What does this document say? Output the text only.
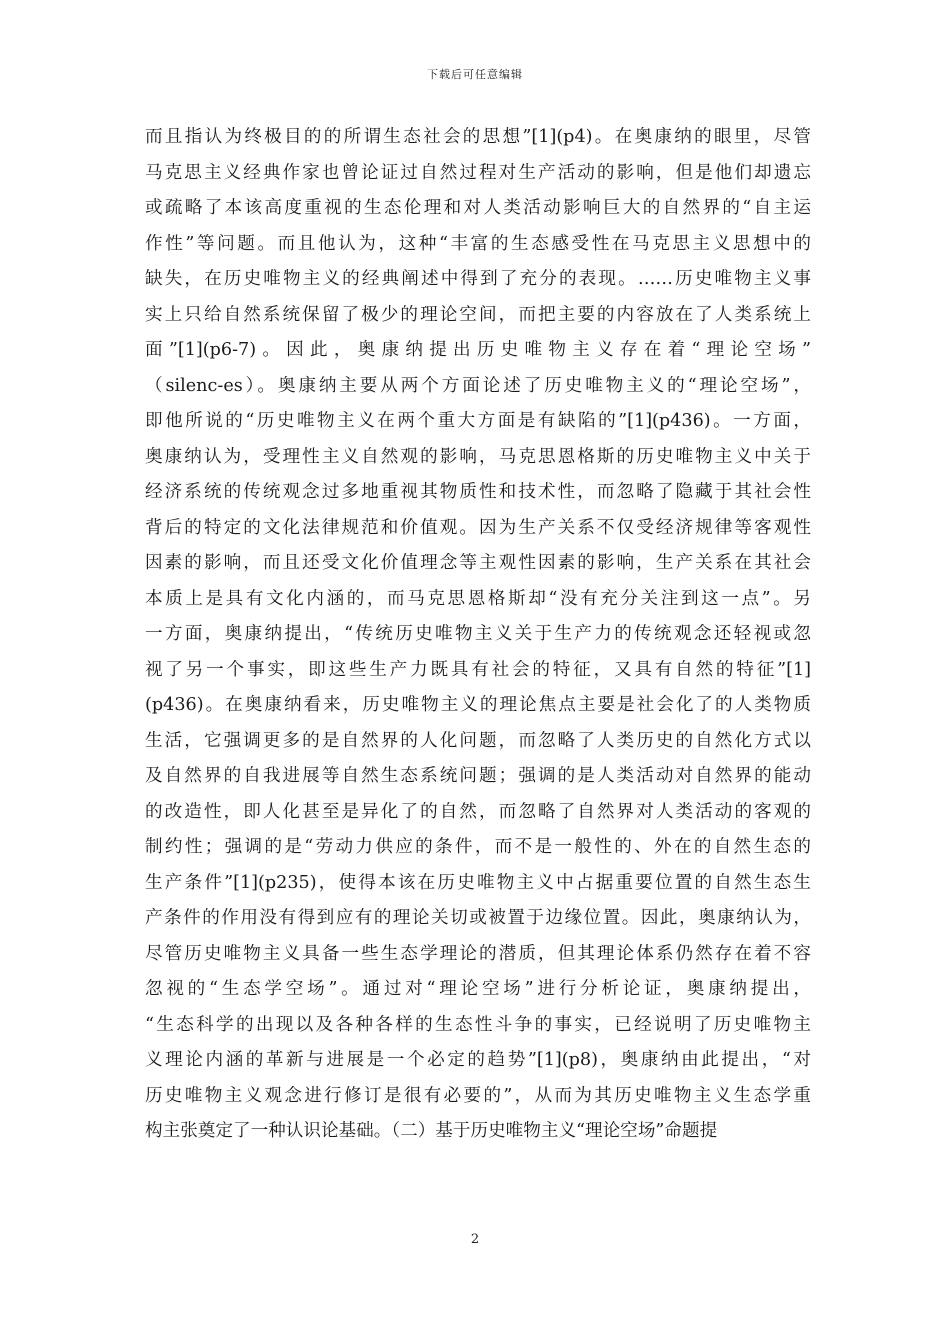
下载后可任意编辑
而且指认为终极目的的所谓生态社会的思想”[1](p4)。在奥康纳的眼里，尽管
马克思主义经典作家也曾论证过自然过程对生产活动的影响，但是他们却遗忘
或疏略了本该高度重视的生态伦理和对人类活动影响巨大的自然界的“自主运
作性”等问题。而且他认为，这种“丰富的生态感受性在马克思主义思想中的
缺失，在历史唯物主义的经典阐述中得到了充分的表现。……历史唯物主义事
实上只给自然系统保留了极少的理论空间，而把主要的内容放在了人类系统上
面”[1](p6-7)。因此，奥康纳提出历史唯物主义存在着“理论空场”
（silenc-es）。奥康纳主要从两个方面论述了历史唯物主义的“理论空场”，
即他所说的“历史唯物主义在两个重大方面是有缺陷的”[1](p436)。一方面，
奥康纳认为，受理性主义自然观的影响，马克思恩格斯的历史唯物主义中关于
经济系统的传统观念过多地重视其物质性和技术性，而忽略了隐藏于其社会性
背后的特定的文化法律规范和价值观。因为生产关系不仅受经济规律等客观性
因素的影响，而且还受文化价值理念等主观性因素的影响，生产关系在其社会
本质上是具有文化内涵的，而马克思恩格斯却“没有充分关注到这一点”。另
一方面，奥康纳提出，“传统历史唯物主义关于生产力的传统观念还轻视或忽
视了另一个事实，即这些生产力既具有社会的特征，又具有自然的特征”[1]
(p436)。在奥康纳看来，历史唯物主义的理论焦点主要是社会化了的人类物质
生活，它强调更多的是自然界的人化问题，而忽略了人类历史的自然化方式以
及自然界的自我进展等自然生态系统问题；强调的是人类活动对自然界的能动
的改造性，即人化甚至是异化了的自然，而忽略了自然界对人类活动的客观的
制约性；强调的是“劳动力供应的条件，而不是一般性的、外在的自然生态的
生产条件”[1](p235)，使得本该在历史唯物主义中占据重要位置的自然生态生
产条件的作用没有得到应有的理论关切或被置于边缘位置。因此，奥康纳认为，
尽管历史唯物主义具备一些生态学理论的潜质，但其理论体系仍然存在着不容
忽视的“生态学空场”。通过对“理论空场”进行分析论证，奥康纳提出，
“生态科学的出现以及各种各样的生态性斗争的事实，已经说明了历史唯物主
义理论内涵的革新与进展是一个必定的趋势”[1](p8)，奥康纳由此提出，“对
历史唯物主义观念进行修订是很有必要的”，从而为其历史唯物主义生态学重
构主张奠定了一种认识论基础。（二）基于历史唯物主义“理论空场”命题提
2
